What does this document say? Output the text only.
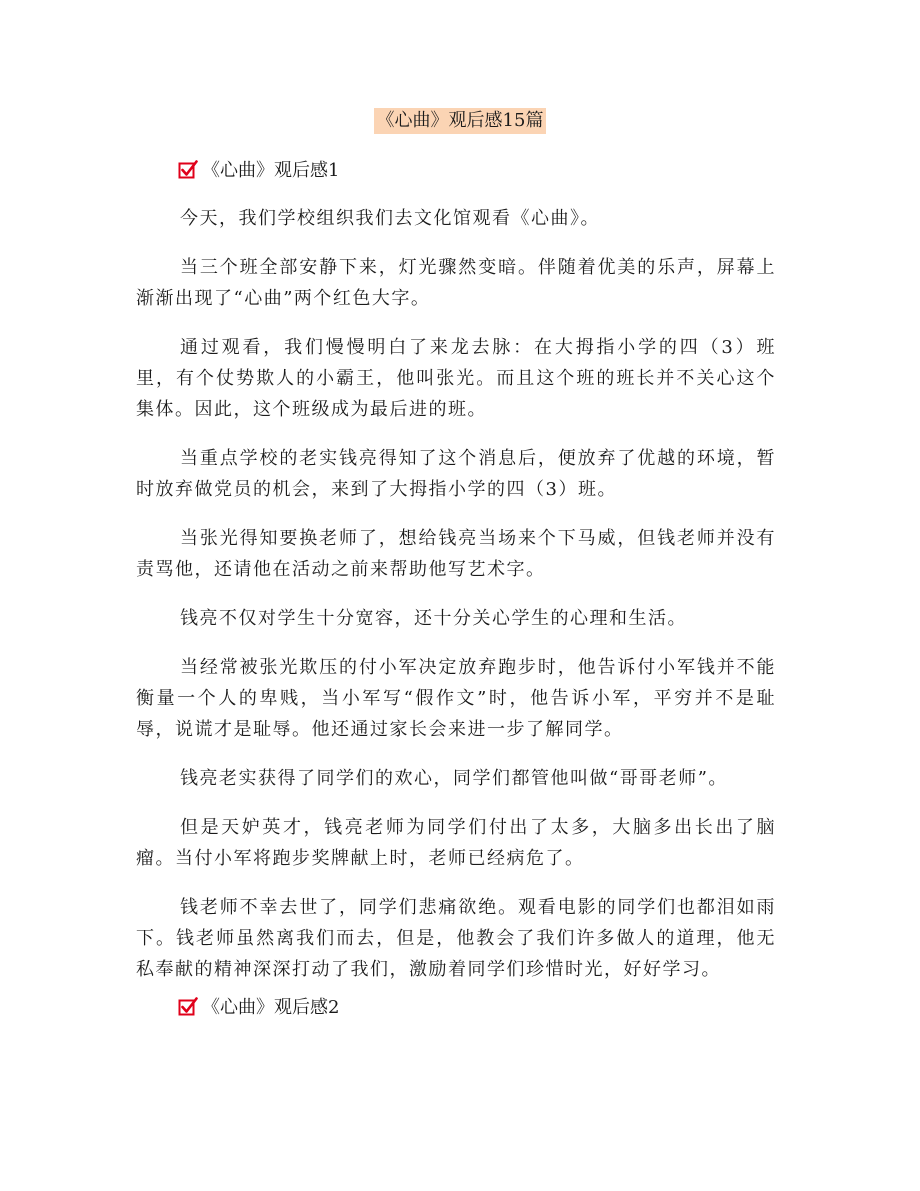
《心曲》观后感15篇
《心曲》观后感1

今天，我们学校组织我们去文化馆观看《心曲》。

当三个班全部安静下来，灯光骤然变暗。伴随着优美的乐声，屏幕上渐渐出现了“心曲”两个红色大字。

通过观看，我们慢慢明白了来龙去脉：在大拇指小学的四（3）班里，有个仗势欺人的小霸王，他叫张光。而且这个班的班长并不关心这个集体。因此，这个班级成为最后进的班。

当重点学校的老实钱亮得知了这个消息后，便放弃了优越的环境，暂时放弃做党员的机会，来到了大拇指小学的四（3）班。

当张光得知要换老师了，想给钱亮当场来个下马威，但钱老师并没有责骂他，还请他在活动之前来帮助他写艺术字。

钱亮不仅对学生十分宽容，还十分关心学生的心理和生活。

当经常被张光欺压的付小军决定放弃跑步时，他告诉付小军钱并不能衡量一个人的卑贱，当小军写“假作文”时，他告诉小军，平穷并不是耻辱，说谎才是耻辱。他还通过家长会来进一步了解同学。

钱亮老实获得了同学们的欢心，同学们都管他叫做“哥哥老师”。

但是天妒英才，钱亮老师为同学们付出了太多，大脑多出长出了脑瘤。当付小军将跑步奖牌献上时，老师已经病危了。

钱老师不幸去世了，同学们悲痛欲绝。观看电影的同学们也都泪如雨下。钱老师虽然离我们而去，但是，他教会了我们许多做人的道理，他无私奉献的精神深深打动了我们，激励着同学们珍惜时光，好好学习。

《心曲》观后感2
